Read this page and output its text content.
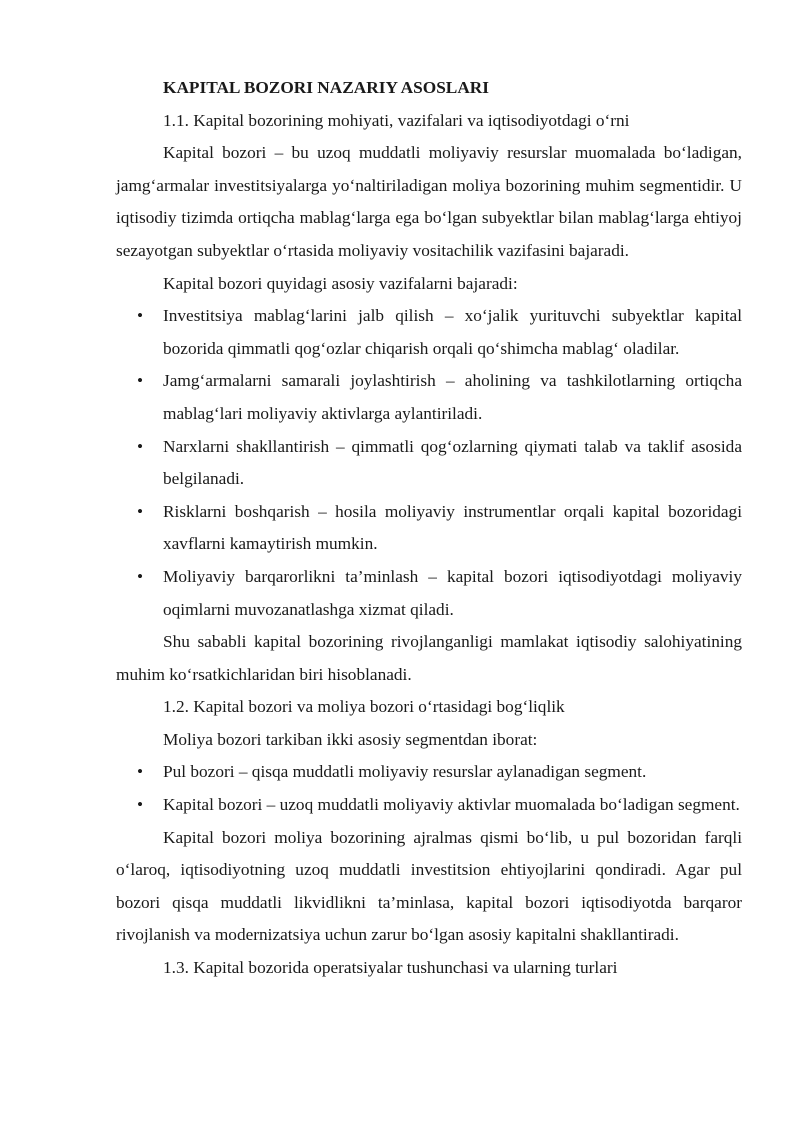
KAPITAL BOZORI NAZARIY ASOSLARI

1.1. Kapital bozorining mohiyati, vazifalari va iqtisodiyotdagi o‘rni

Kapital bozori – bu uzoq muddatli moliyaviy resurslar muomalada bo‘ladigan, jamg‘armalar investitsiyalarga yo‘naltiriladigan moliya bozorining muhim segmentidir. U iqtisodiy tizimda ortiqcha mablag‘larga ega bo‘lgan subyektlar bilan mablag‘larga ehtiyoj sezayotgan subyektlar o‘rtasida moliyaviy vositachilik vazifasini bajaradi.

Kapital bozori quyidagi asosiy vazifalarni bajaradi:

• Investitsiya mablag‘larini jalb qilish – xo‘jalik yurituvchi subyektlar kapital bozorida qimmatli qog‘ozlar chiqarish orqali qo‘shimcha mablag‘ oladilar.
• Jamg‘armalarni samarali joylashtirish – aholining va tashkilotlarning ortiqcha mablag‘lari moliyaviy aktivlarga aylantiriladi.
• Narxlarni shakllantirish – qimmatli qog‘ozlarning qiymati talab va taklif asosida belgilanadi.
• Risklarni boshqarish – hosila moliyaviy instrumentlar orqali kapital bozoridagi xavflarni kamaytirish mumkin.
• Moliyaviy barqarorlikni ta’minlash – kapital bozori iqtisodiyotdagi moliyaviy oqimlarni muvozanatlashga xizmat qiladi.

Shu sababli kapital bozorining rivojlanganligi mamlakat iqtisodiy salohiyatining muhim ko‘rsatkichlaridan biri hisoblanadi.

1.2. Kapital bozori va moliya bozori o‘rtasidagi bog‘liqlik

Moliya bozori tarkiban ikki asosiy segmentdan iborat:

• Pul bozori – qisqa muddatli moliyaviy resurslar aylanadigan segment.
• Kapital bozori – uzoq muddatli moliyaviy aktivlar muomalada bo‘ladigan segment.

Kapital bozori moliya bozorining ajralmas qismi bo‘lib, u pul bozoridan farqli o‘laroq, iqtisodiyotning uzoq muddatli investitsion ehtiyojlarini qondiradi. Agar pul bozori qisqa muddatli likvidlikni ta’minlasa, kapital bozori iqtisodiyotda barqaror rivojlanish va modernizatsiya uchun zarur bo‘lgan asosiy kapitalni shakllantiradi.

1.3. Kapital bozorida operatsiyalar tushunchasi va ularning turlari
